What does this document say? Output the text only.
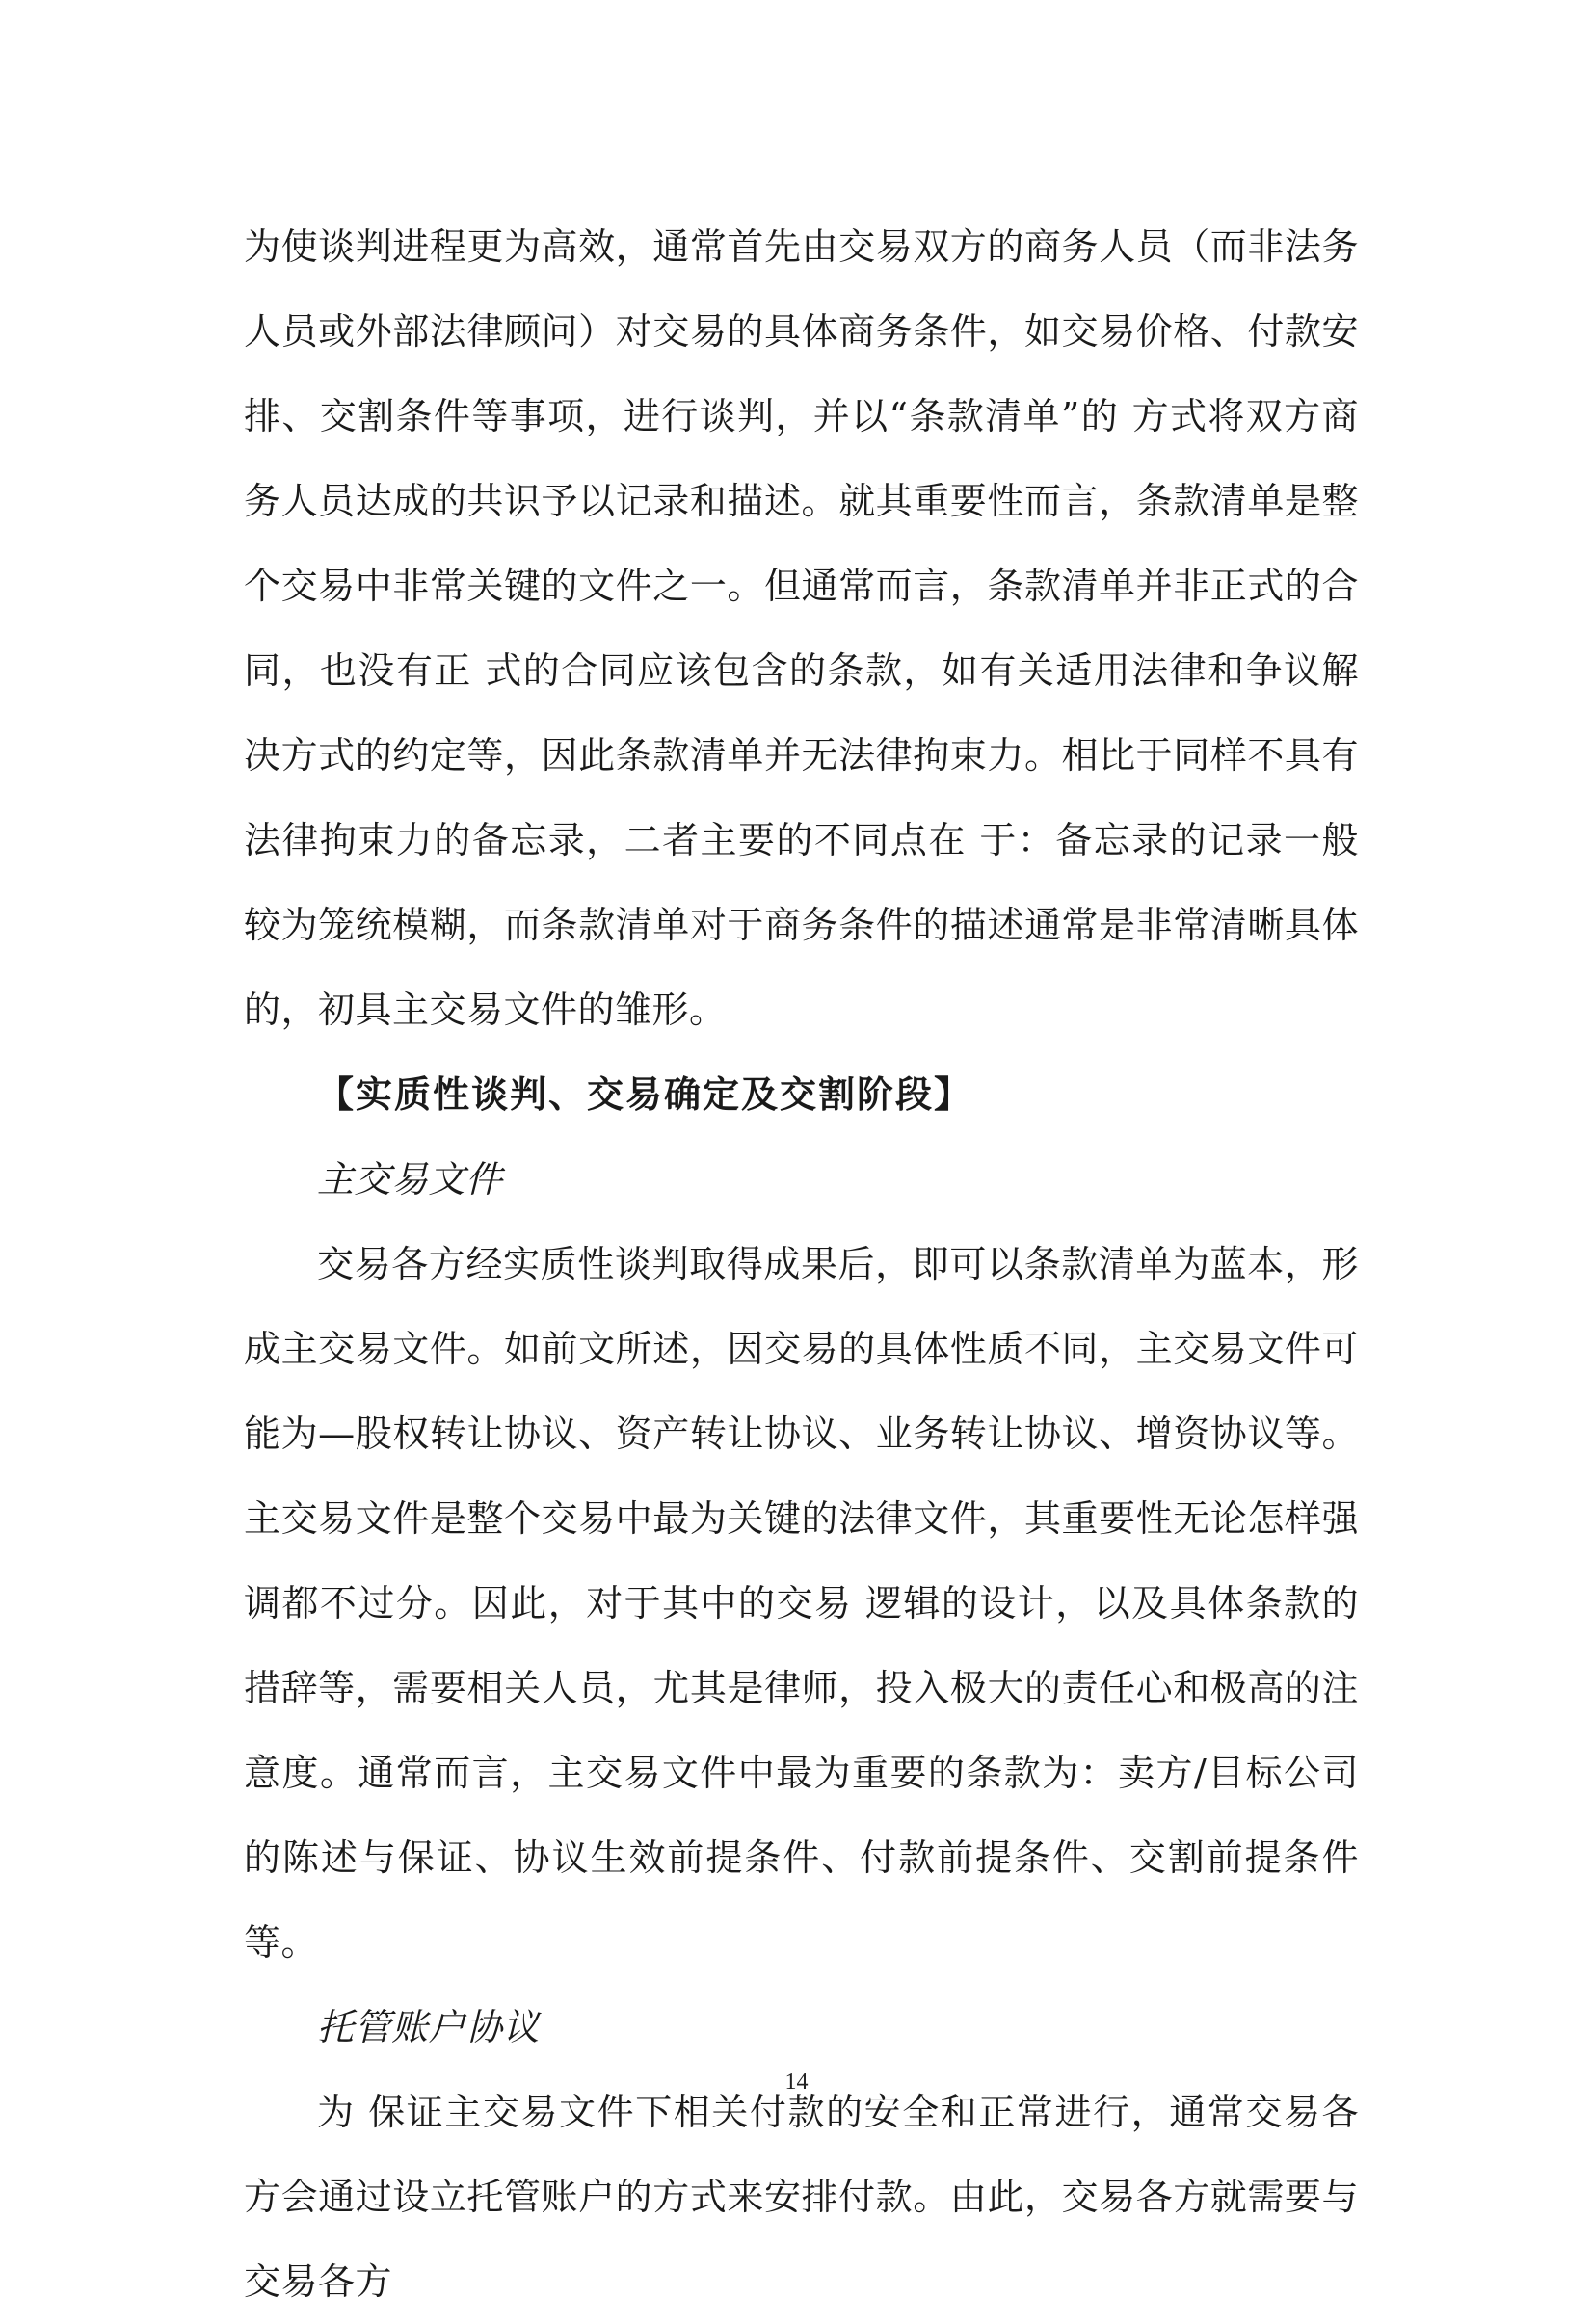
为使谈判进程更为高效，通常首先由交易双方的商务人员（而非法务人员或外部法律顾问）对交易的具体商务条件，如交易价格、付款安排、交割条件等事项，进行谈判，并以“条款清单”的 方式将双方商务人员达成的共识予以记录和描述。就其重要性而言，条款清单是整个交易中非常关键的文件之一。但通常而言，条款清单并非正式的合同，也没有正 式的合同应该包含的条款，如有关适用法律和争议解决方式的约定等，因此条款清单并无法律拘束力。相比于同样不具有法律拘束力的备忘录，二者主要的不同点在 于：备忘录的记录一般较为笼统模糊，而条款清单对于商务条件的描述通常是非常清晰具体的，初具主交易文件的雏形。

【实质性谈判、交易确定及交割阶段】

主交易文件

交易各方经实质性谈判取得成果后，即可以条款清单为蓝本，形成主交易文件。如前文所述，因交易的具体性质不同，主交易文件可能为—股权转让协议、资产转让协议、业务转让协议、增资协议等。主交易文件是整个交易中最为关键的法律文件，其重要性无论怎样强调都不过分。因此，对于其中的交易 逻辑的设计，以及具体条款的措辞等，需要相关人员，尤其是律师，投入极大的责任心和极高的注意度。通常而言，主交易文件中最为重要的条款为：卖方/目标公司的陈述与保证、协议生效前提条件、付款前提条件、交割前提条件等。

托管账户协议

为 保证主交易文件下相关付款的安全和正常进行，通常交易各方会通过设立托管账户的方式来安排付款。由此，交易各方就需要与交易各方

14
